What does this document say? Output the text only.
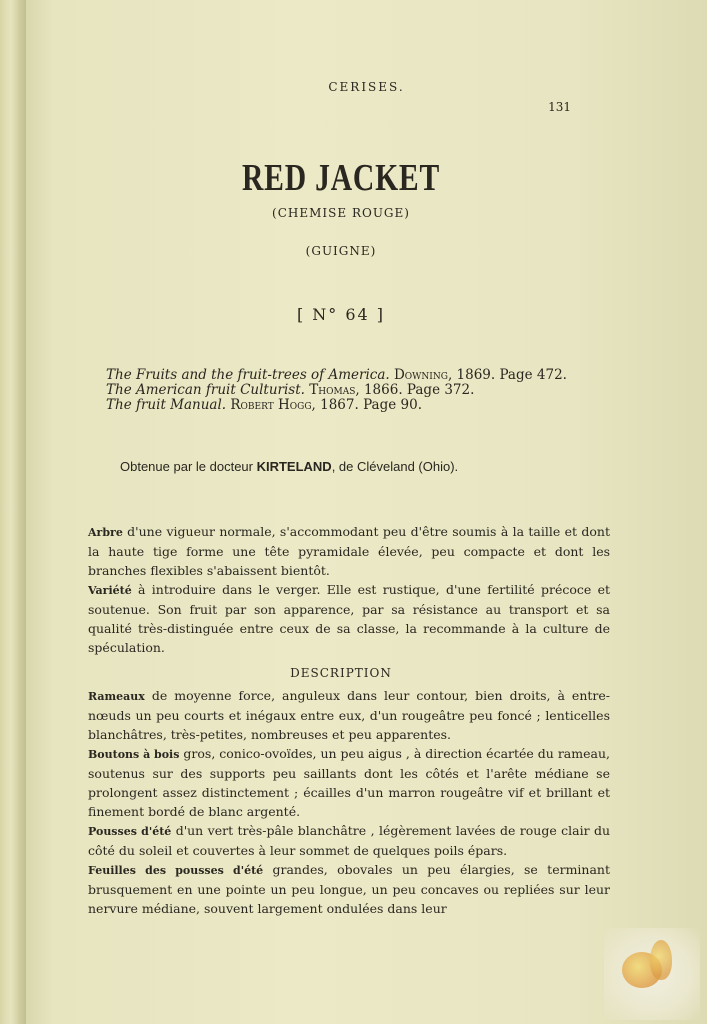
CERISES.
131
RED JACKET
(CHEMISE ROUGE)
(GUIGNE)
[ N° 64 ]
The Fruits and the fruit-trees of America. Downing, 1869. Page 472.
The American fruit Culturist. Thomas, 1866. Page 372.
The fruit Manual. Robert Hogg, 1867. Page 90.
Obtenue par le docteur KIRTELAND, de Cléveland (Ohio).
Arbre d'une vigueur normale, s'accommodant peu d'être soumis à la taille et dont la haute tige forme une tête pyramidale élevée, peu compacte et dont les branches flexibles s'abaissent bientôt.
Variété à introduire dans le verger. Elle est rustique, d'une fertilité précoce et soutenue. Son fruit par son apparence, par sa résistance au transport et sa qualité très-distinguée entre ceux de sa classe, la recommande à la culture de spéculation.
DESCRIPTION
Rameaux de moyenne force, anguleux dans leur contour, bien droits, à entre-nœuds un peu courts et inégaux entre eux, d'un rougeâtre peu foncé ; lenticelles blanchâtres, très-petites, nombreuses et peu apparentes.
Boutons à bois gros, conico-ovoïdes, un peu aigus , à direction écartée du rameau, soutenus sur des supports peu saillants dont les côtés et l'arête médiane se prolongent assez distinctement ; écailles d'un marron rougeâtre vif et brillant et finement bordé de blanc argenté.
Pousses d'été d'un vert très-pâle blanchâtre , légèrement lavées de rouge clair du côté du soleil et couvertes à leur sommet de quelques poils épars.
Feuilles des pousses d'été grandes, obovales un peu élargies, se terminant brusquement en une pointe un peu longue, un peu concaves ou repliées sur leur nervure médiane, souvent largement ondulées dans leur
